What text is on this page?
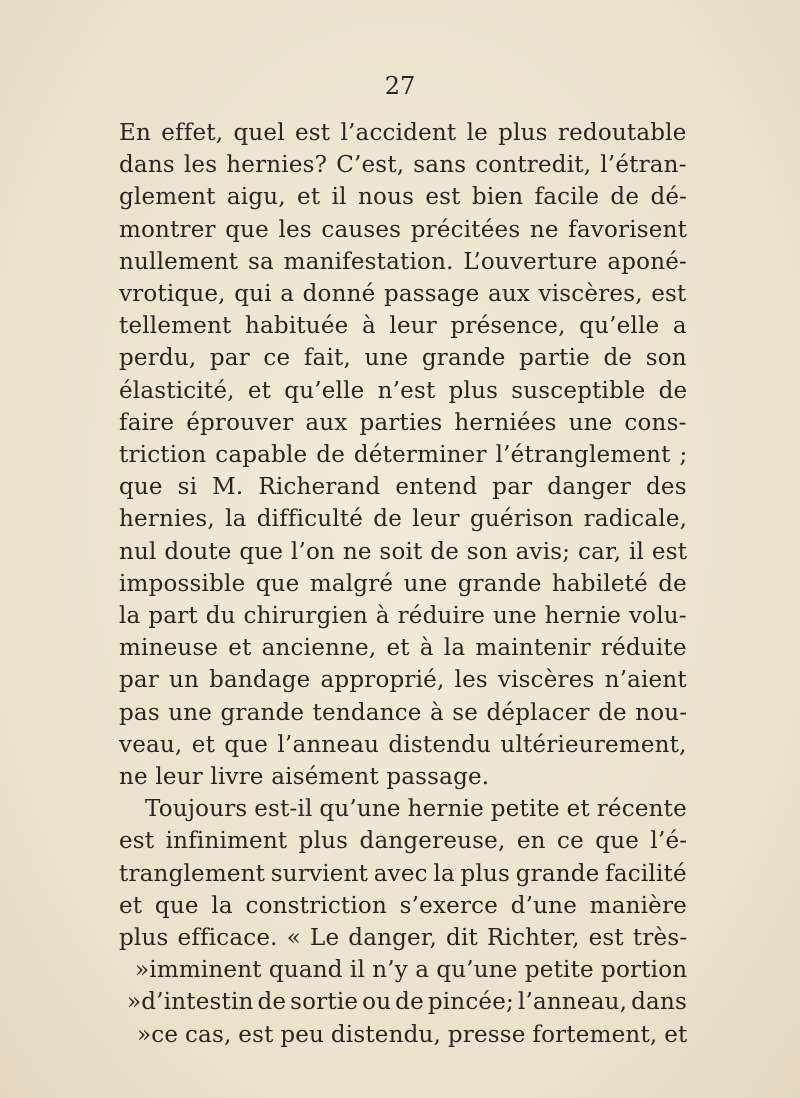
27
En effet, quel est l’accident le plus redoutable
dans les hernies? C’est, sans contredit, l’étran-
glement aigu, et il nous est bien facile de dé-
montrer que les causes précitées ne favorisent
nullement sa manifestation. L’ouverture aponé-
vrotique, qui a donné passage aux viscères, est
tellement habituée à leur présence, qu’elle a
perdu, par ce fait, une grande partie de son
élasticité, et qu’elle n’est plus susceptible de
faire éprouver aux parties herniées une cons-
triction capable de déterminer l’étranglement ;
que si M. Richerand entend par danger des
hernies, la difficulté de leur guérison radicale,
nul doute que l’on ne soit de son avis; car, il est
impossible que malgré une grande habileté de
la part du chirurgien à réduire une hernie volu-
mineuse et ancienne, et à la maintenir réduite
par un bandage approprié, les viscères n’aient
pas une grande tendance à se déplacer de nou-
veau, et que l’anneau distendu ultérieurement,
ne leur livre aisément passage.
Toujours est-il qu’une hernie petite et récente
est infiniment plus dangereuse, en ce que l’é-
tranglement survient avec la plus grande facilité
et que la constriction s’exerce d’une manière
plus efficace. « Le danger, dit Richter, est très-
»imminent quand il n’y a qu’une petite portion
»d’intestin de sortie ou de pincée; l’anneau, dans
»ce cas, est peu distendu, presse fortement, et
